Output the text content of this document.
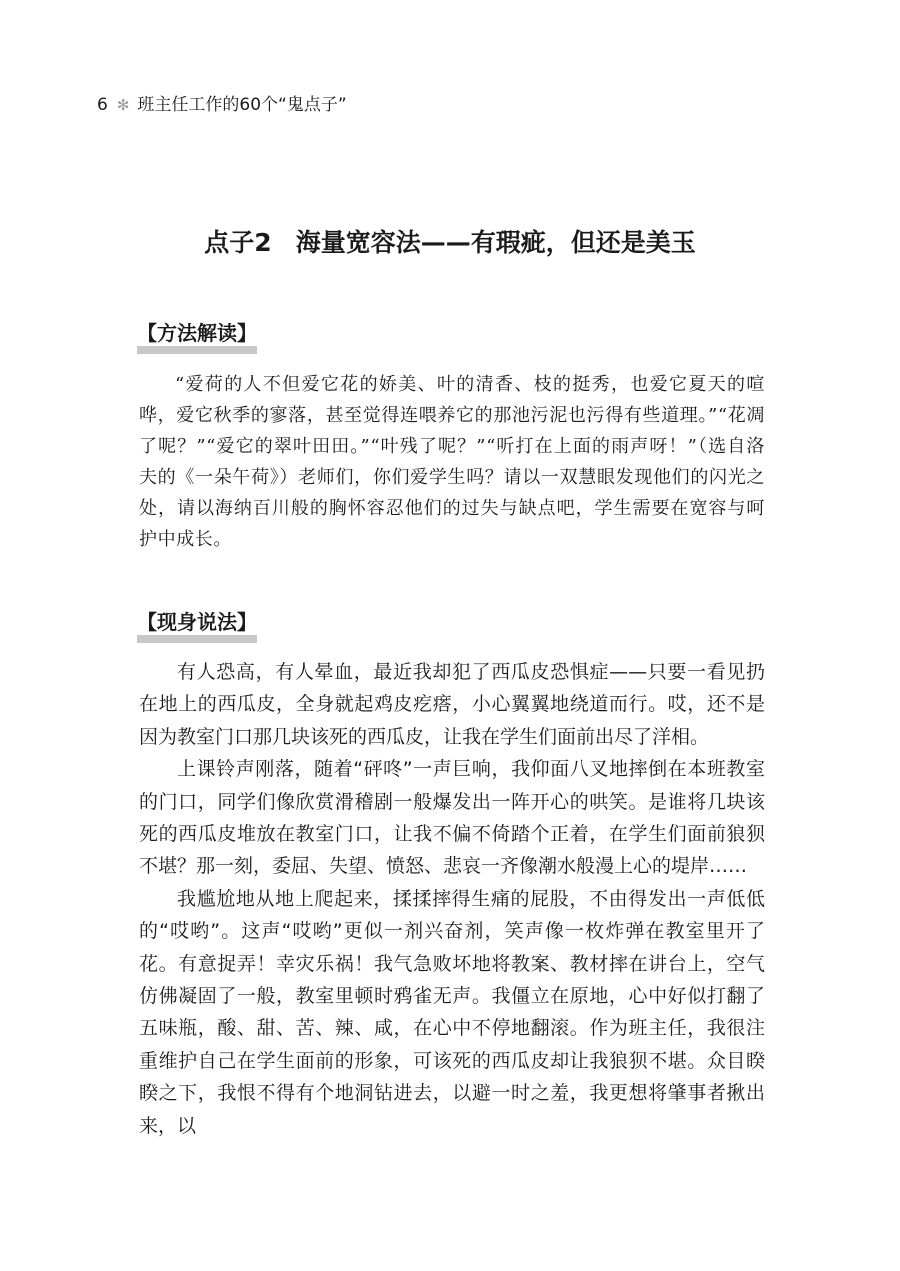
6 ✻ 班主任工作的60个“鬼点子”
点子2 海量宽容法——有瑕疵，但还是美玉
【方法解读】

“爱荷的人不但爱它花的娇美、叶的清香、枝的挺秀，也爱它夏天的喧哗，爱它秋季的寥落，甚至觉得连喂养它的那池污泥也污得有些道理。”“花凋了呢？”“爱它的翠叶田田。”“叶残了呢？”“听打在上面的雨声呀！”（选自洛夫的《一朵午荷》）老师们，你们爱学生吗？请以一双慧眼发现他们的闪光之处，请以海纳百川般的胸怀容忍他们的过失与缺点吧，学生需要在宽容与呵护中成长。

【现身说法】

有人恐高，有人晕血，最近我却犯了西瓜皮恐惧症——只要一看见扔在地上的西瓜皮，全身就起鸡皮疙瘩，小心翼翼地绕道而行。哎，还不是因为教室门口那几块该死的西瓜皮，让我在学生们面前出尽了洋相。

上课铃声刚落，随着“砰咚”一声巨响，我仰面八叉地摔倒在本班教室的门口，同学们像欣赏滑稽剧一般爆发出一阵开心的哄笑。是谁将几块该死的西瓜皮堆放在教室门口，让我不偏不倚踏个正着，在学生们面前狼狈不堪？那一刻，委屈、失望、愤怒、悲哀一齐像潮水般漫上心的堤岸……

我尴尬地从地上爬起来，揉揉摔得生痛的屁股，不由得发出一声低低的“哎哟”。这声“哎哟”更似一剂兴奋剂，笑声像一枚炸弹在教室里开了花。有意捉弄！幸灾乐祸！我气急败坏地将教案、教材摔在讲台上，空气仿佛凝固了一般，教室里顿时鸦雀无声。我僵立在原地，心中好似打翻了五味瓶，酸、甜、苦、辣、咸，在心中不停地翻滚。作为班主任，我很注重维护自己在学生面前的形象，可该死的西瓜皮却让我狼狈不堪。众目睽睽之下，我恨不得有个地洞钻进去，以避一时之羞，我更想将肇事者揪出来，以
